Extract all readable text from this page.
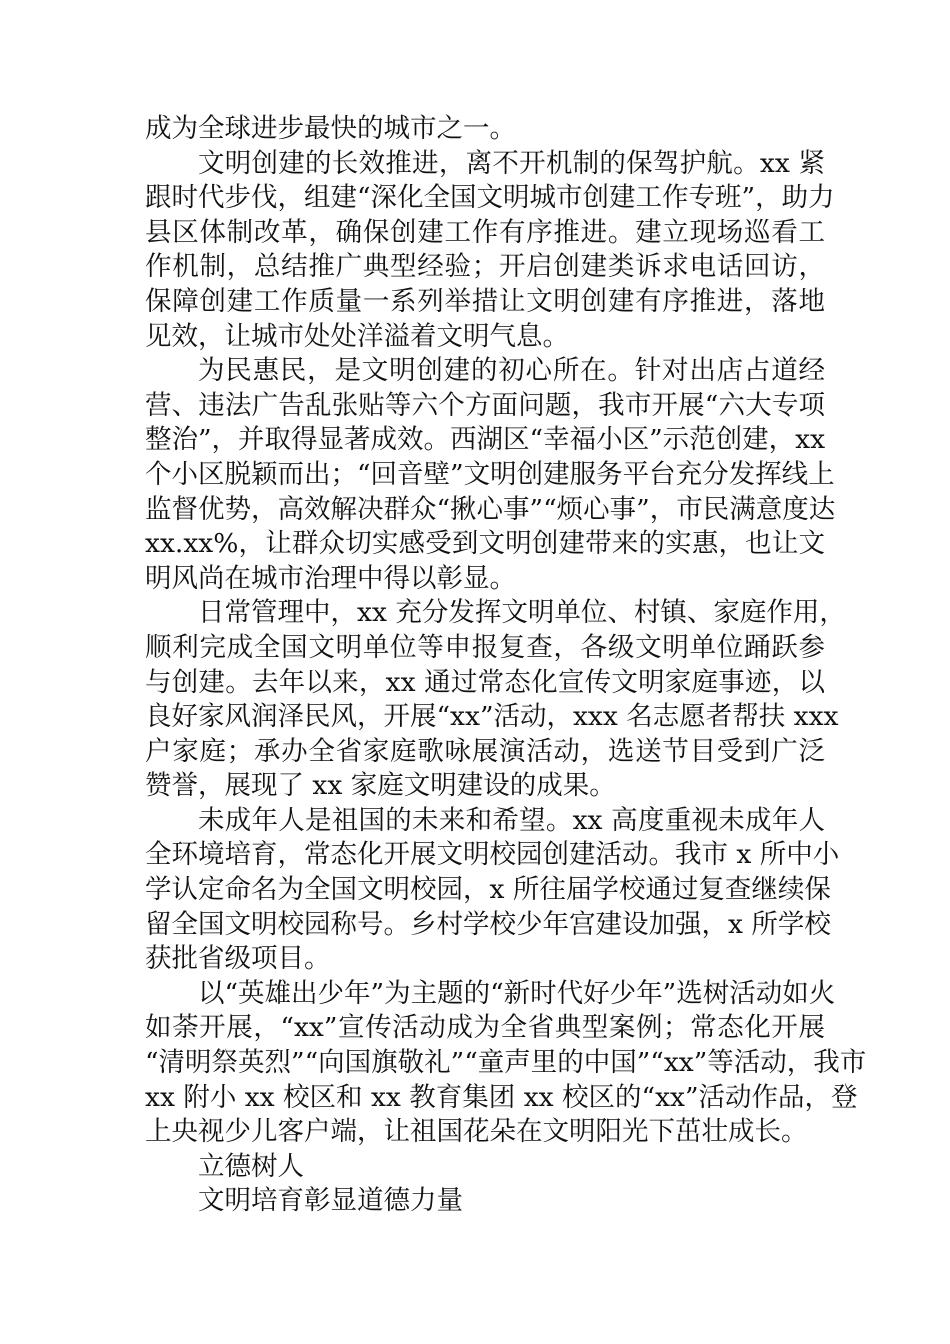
成为全球进步最快的城市之一。
文明创建的长效推进，离不开机制的保驾护航。xx 紧
跟时代步伐，组建“深化全国文明城市创建工作专班”，助力
县区体制改革，确保创建工作有序推进。建立现场巡看工
作机制，总结推广典型经验；开启创建类诉求电话回访，
保障创建工作质量一系列举措让文明创建有序推进，落地
见效，让城市处处洋溢着文明气息。
为民惠民，是文明创建的初心所在。针对出店占道经
营、违法广告乱张贴等六个方面问题，我市开展“六大专项
整治”，并取得显著成效。西湖区“幸福小区”示范创建，xx
个小区脱颖而出；“回音壁”文明创建服务平台充分发挥线上
监督优势，高效解决群众“揪心事”“烦心事”，市民满意度达
xx.xx%，让群众切实感受到文明创建带来的实惠，也让文
明风尚在城市治理中得以彰显。
日常管理中，xx 充分发挥文明单位、村镇、家庭作用，
顺利完成全国文明单位等申报复查，各级文明单位踊跃参
与创建。去年以来，xx 通过常态化宣传文明家庭事迹，以
良好家风润泽民风，开展“xx”活动，xxx 名志愿者帮扶 xxx
户家庭；承办全省家庭歌咏展演活动，选送节目受到广泛
赞誉，展现了 xx 家庭文明建设的成果。
未成年人是祖国的未来和希望。xx 高度重视未成年人
全环境培育，常态化开展文明校园创建活动。我市 x 所中小
学认定命名为全国文明校园，x 所往届学校通过复查继续保
留全国文明校园称号。乡村学校少年宫建设加强，x 所学校
获批省级项目。
以“英雄出少年”为主题的“新时代好少年”选树活动如火
如荼开展，“xx”宣传活动成为全省典型案例；常态化开展
“清明祭英烈”“向国旗敬礼”“童声里的中国”“xx”等活动，我市
xx 附小 xx 校区和 xx 教育集团 xx 校区的“xx”活动作品，登
上央视少儿客户端，让祖国花朵在文明阳光下茁壮成长。
立德树人
文明培育彰显道德力量
